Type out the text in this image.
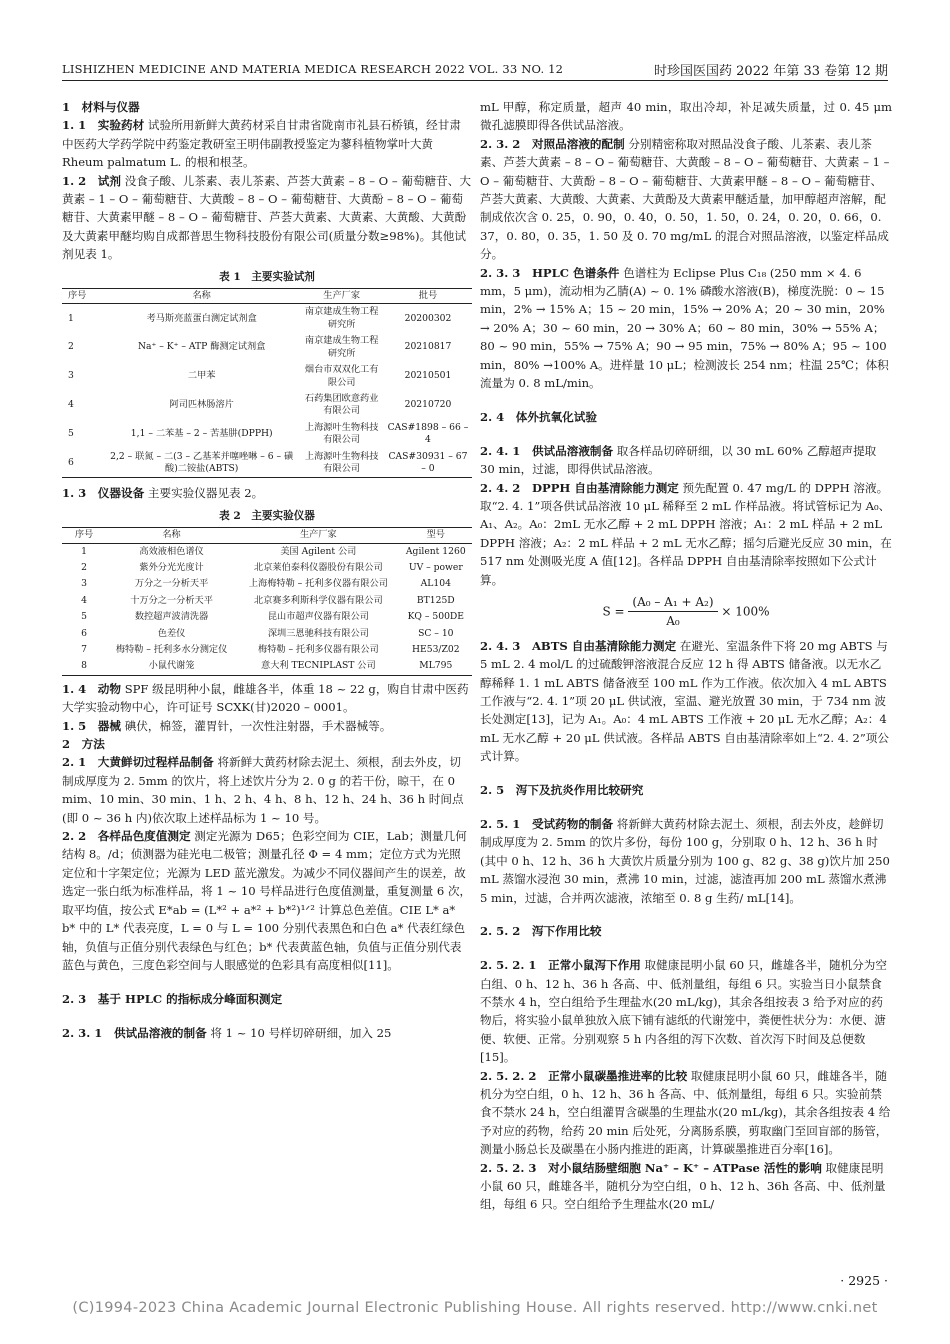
LISHIZHEN MEDICINE AND MATERIA MEDICA RESEARCH 2022 VOL. 33 NO. 12	时珍国医国药 2022 年第 33 卷第 12 期
1　材料与仪器

1. 1　实验药材 试验所用新鲜大黄药材采自甘肃省陇南市礼县石桥镇，经甘肃中医药大学药学院中药鉴定教研室王明伟副教授鉴定为蓼科植物掌叶大黄 Rheum palmatum L. 的根和根茎。

1. 2　试剂 没食子酸、儿茶素、表儿茶素、芦荟大黄素 – 8 – O – 葡萄糖苷、大黄素 – 1 – O – 葡萄糖苷、大黄酸 – 8 – O – 葡萄糖苷、大黄酚 – 8 – O – 葡萄糖苷、大黄素甲醚 – 8 – O – 葡萄糖苷、芦荟大黄素、大黄素、大黄酸、大黄酚及大黄素甲醚均购自成都普思生物科技股份有限公司(质量分数≥98%)。其他试剂见表 1。

表 1　主要实验试剂
序号	名称	生产厂家	批号
1	考马斯亮蓝蛋白测定试剂盒	南京建成生物工程研究所	20200302
2	Na⁺ – K⁺ – ATP 酶测定试剂盒	南京建成生物工程研究所	20210817
3	二甲苯	烟台市双双化工有限公司	20210501
4	阿司匹林肠溶片	石药集团欧意药业有限公司	20210720
5	1,1 – 二苯基 – 2 – 苦基肼(DPPH)	上海源叶生物科技有限公司	CAS#1898 – 66 – 4
6	2,2 – 联氮 – 二(3 – 乙基苯并噻唑啉 – 6 – 磺酸)二铵盐(ABTS)	上海源叶生物科技有限公司	CAS#30931 – 67 – 0

1. 3　仪器设备 主要实验仪器见表 2。

表 2　主要实验仪器
序号	名称	生产厂家	型号
1	高效液相色谱仪	美国 Agilent 公司	Agilent 1260
2	紫外分光光度计	北京莱伯泰科仪器股份有限公司	UV – power
3	万分之一分析天平	上海梅特勒 – 托利多仪器有限公司	AL104
4	十万分之一分析天平	北京赛多利斯科学仪器有限公司	BT125D
5	数控超声波清洗器	昆山市超声仪器有限公司	KQ – 500DE
6	色差仪	深圳三恩驰科技有限公司	SC – 10
7	梅特勒 – 托利多水分测定仪	梅特勒 – 托利多仪器有限公司	HE53/Z02
8	小鼠代谢笼	意大利 TECNIPLAST 公司	ML795

1. 4　动物 SPF 级昆明种小鼠，雌雄各半，体重 18 ~ 22 g，购自甘肃中医药大学实验动物中心，许可证号 SCXK(甘)2020 – 0001。

1. 5　器械 碘伏，棉签，灌胃针，一次性注射器，手术器械等。

2　方法

2. 1　大黄鲜切过程样品制备 将新鲜大黄药材除去泥土、须根，刮去外皮，切制成厚度为 2. 5mm 的饮片，将上述饮片分为 2. 0 g 的若干份，晾干，在 0 mim、10 min、30 min、1 h、2 h、4 h、8 h、12 h、24 h、36 h 时间点(即 0 ~ 36 h 内)依次取上述样品标为 1 ~ 10 号。

2. 2　各样品色度值测定 测定光源为 D65；色彩空间为 CIE，Lab；测量几何结构 8。/d；侦测器为硅光电二极管；测量孔径 Φ = 4 mm；定位方式为光照定位和十字架定位；光源为 LED 蓝光激发。为减少不同仪器间产生的误差，故选定一张白纸为标准样品，将 1 ~ 10 号样品进行色度值测量，重复测量 6 次，取平均值，按公式 E*ab = (L*² + a*² + b*²)¹ᐟ² 计算总色差值。CIE L* a* b* 中的 L* 代表亮度，L = 0 与 L = 100 分别代表黑色和白色 a* 代表红绿色轴，负值与正值分别代表绿色与红色；b* 代表黄蓝色轴，负值与正值分别代表蓝色与黄色，三度色彩空间与人眼感觉的色彩具有高度相似[11]。

2. 3　基于 HPLC 的指标成分峰面积测定

2. 3. 1　供试品溶液的制备 将 1 ~ 10 号样切碎研细，加入 25

mL 甲醇，称定质量，超声 40 min，取出冷却，补足减失质量，过 0. 45 μm 微孔滤膜即得各供试品溶液。

2. 3. 2　对照品溶液的配制 分别精密称取对照品没食子酸、儿茶素、表儿茶素、芦荟大黄素 – 8 – O – 葡萄糖苷、大黄酸 – 8 – O – 葡萄糖苷、大黄素 – 1 – O – 葡萄糖苷、大黄酚 – 8 – O – 葡萄糖苷、大黄素甲醚 – 8 – O – 葡萄糖苷、芦荟大黄素、大黄酸、大黄素、大黄酚及大黄素甲醚适量，加甲醇超声溶解，配制成依次含 0. 25，0. 90，0. 40，0. 50，1. 50，0. 24，0. 20，0. 66，0. 37，0. 80，0. 35，1. 50 及 0. 70 mg/mL 的混合对照品溶液，以鉴定样品成分。

2. 3. 3　HPLC 色谱条件 色谱柱为 Eclipse Plus C₁₈ (250 mm × 4. 6 mm，5 μm)，流动相为乙腈(A) ~ 0. 1% 磷酸水溶液(B)，梯度洗脱：0 ~ 15 min，2% → 15% A；15 ~ 20 min，15% → 20% A；20 ~ 30 min，20% → 20% A；30 ~ 60 min，20 → 30% A；60 ~ 80 min，30% → 55% A；80 ~ 90 min，55% → 75% A；90 → 95 min，75% → 80% A；95 ~ 100 min，80% →100% A。进样量 10 μL；检测波长 254 nm；柱温 25℃；体积流量为 0. 8 mL/min。

2. 4　体外抗氧化试验

2. 4. 1　供试品溶液制备 取各样品切碎研细，以 30 mL 60% 乙醇超声提取 30 min，过滤，即得供试品溶液。

2. 4. 2　DPPH 自由基清除能力测定 预先配置 0. 47 mg/L 的 DPPH 溶液。取“2. 4. 1”项各供试品溶液 10 μL 稀释至 2 mL 作样品液。将试管标记为 A₀、A₁、A₂。A₀：2mL 无水乙醇 + 2 mL DPPH 溶液；A₁：2 mL 样品 + 2 mL DPPH 溶液；A₂：2 mL 样品 + 2 mL 无水乙醇；摇匀后避光反应 30 min，在 517 nm 处测吸光度 A 值[12]。各样品 DPPH 自由基清除率按照如下公式计算。

$S = \frac{\text{(A₀ – A₁ + A₂)}}{\text{A₀}} \times 100\%$

2. 4. 3　ABTS 自由基清除能力测定 在避光、室温条件下将 20 mg ABTS 与 5 mL 2. 4 mol/L 的过硫酸钾溶液混合反应 12 h 得 ABTS 储备液。以无水乙醇稀释 1. 1 mL ABTS 储备液至 100 mL 作为工作液。依次加入 4 mL ABTS 工作液与“2. 4. 1”项 20 μL 供试液，室温、避光放置 30 min，于 734 nm 波长处测定[13]，记为 A₁。A₀：4 mL ABTS 工作液 + 20 μL 无水乙醇；A₂：4 mL 无水乙醇 + 20 μL 供试液。各样品 ABTS 自由基清除率如上“2. 4. 2”项公式计算。

2. 5　泻下及抗炎作用比较研究

2. 5. 1　受试药物的制备 将新鲜大黄药材除去泥土、须根，刮去外皮，趁鲜切制成厚度为 2. 5mm 的饮片多份，每份 100 g，分别取 0 h、12 h、36 h 时(其中 0 h、12 h、36 h 大黄饮片质量分别为 100 g、82 g、38 g)饮片加 250 mL 蒸馏水浸泡 30 min，煮沸 10 min，过滤，滤渣再加 200 mL 蒸馏水煮沸 5 min，过滤，合并两次滤液，浓缩至 0. 8 g 生药/ mL[14]。

2. 5. 2　泻下作用比较

2. 5. 2. 1　正常小鼠泻下作用 取健康昆明小鼠 60 只，雌雄各半，随机分为空白组、0 h、12 h、36 h 各高、中、低剂量组，每组 6 只。实验当日小鼠禁食不禁水 4 h，空白组给予生理盐水(20 mL/kg)，其余各组按表 3 给予对应的药物后，将实验小鼠单独放入底下铺有滤纸的代谢笼中，粪便性状分为：水便、溏便、软便、正常。分别观察 5 h 内各组的泻下次数、首次泻下时间及总便数[15]。

2. 5. 2. 2　正常小鼠碳墨推进率的比较 取健康昆明小鼠 60 只，雌雄各半，随机分为空白组，0 h、12 h、36 h 各高、中、低剂量组，每组 6 只。实验前禁食不禁水 24 h，空白组灌胃含碳墨的生理盐水(20 mL/kg)，其余各组按表 4 给予对应的药物，给药 20 min 后处死，分离肠系膜，剪取幽门至回盲部的肠管，测量小肠总长及碳墨在小肠内推进的距离，计算碳墨推进百分率[16]。

2. 5. 2. 3　对小鼠结肠壁细胞 Na⁺ – K⁺ – ATPase 活性的影响 取健康昆明小鼠 60 只，雌雄各半，随机分为空白组，0 h、12 h、36h 各高、中、低剂量组，每组 6 只。空白组给予生理盐水(20 mL/

· 2925 ·
(C)1994-2023 China Academic Journal Electronic Publishing House. All rights reserved. http://www.cnki.net
